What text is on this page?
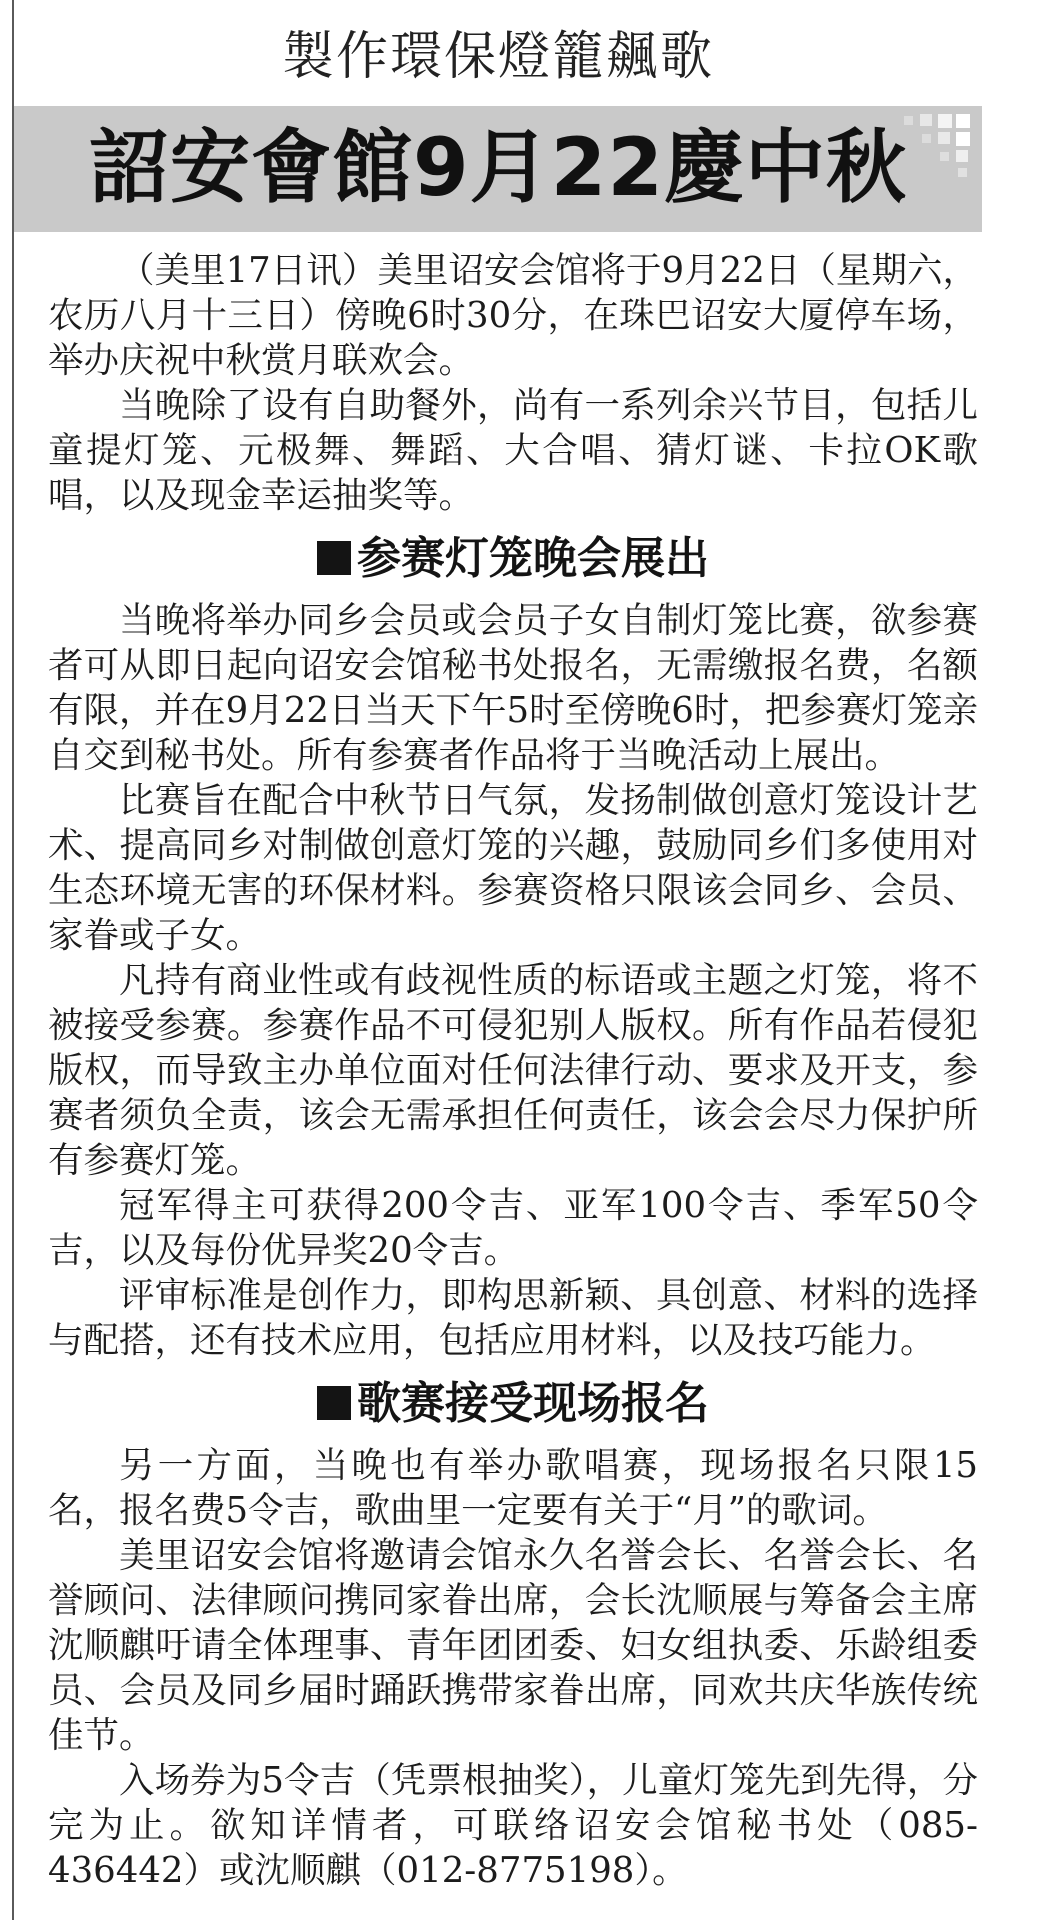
製作環保燈籠飆歌
詔安會館9月22慶中秋

（美里17日讯）美里诏安会馆将于9月22日（星期六，农历八月十三日）傍晚6时30分，在珠巴诏安大厦停车场，举办庆祝中秋赏月联欢会。

当晚除了设有自助餐外，尚有一系列余兴节目，包括儿童提灯笼、元极舞、舞蹈、大合唱、猜灯谜、卡拉OK歌唱，以及现金幸运抽奖等。

参赛灯笼晚会展出

当晚将举办同乡会员或会员子女自制灯笼比赛，欲参赛者可从即日起向诏安会馆秘书处报名，无需缴报名费，名额有限，并在9月22日当天下午5时至傍晚6时，把参赛灯笼亲自交到秘书处。所有参赛者作品将于当晚活动上展出。

比赛旨在配合中秋节日气氛，发扬制做创意灯笼设计艺术、提高同乡对制做创意灯笼的兴趣，鼓励同乡们多使用对生态环境无害的环保材料。参赛资格只限该会同乡、会员、家眷或子女。

凡持有商业性或有歧视性质的标语或主题之灯笼，将不被接受参赛。参赛作品不可侵犯别人版权。所有作品若侵犯版权，而导致主办单位面对任何法律行动、要求及开支，参赛者须负全责，该会无需承担任何责任，该会会尽力保护所有参赛灯笼。

冠军得主可获得200令吉、亚军100令吉、季军50令吉，以及每份优异奖20令吉。

评审标准是创作力，即构思新颖、具创意、材料的选择与配搭，还有技术应用，包括应用材料，以及技巧能力。

歌赛接受现场报名

另一方面，当晚也有举办歌唱赛，现场报名只限15名，报名费5令吉，歌曲里一定要有关于“月”的歌词。

美里诏安会馆将邀请会馆永久名誉会长、名誉会长、名誉顾问、法律顾问携同家眷出席，会长沈顺展与筹备会主席沈顺麒吁请全体理事、青年团团委、妇女组执委、乐龄组委员、会员及同乡届时踊跃携带家眷出席，同欢共庆华族传统佳节。

入场券为5令吉（凭票根抽奖），儿童灯笼先到先得，分完为止。欲知详情者，可联络诏安会馆秘书处（085-436442）或沈顺麒（012-8775198）。
